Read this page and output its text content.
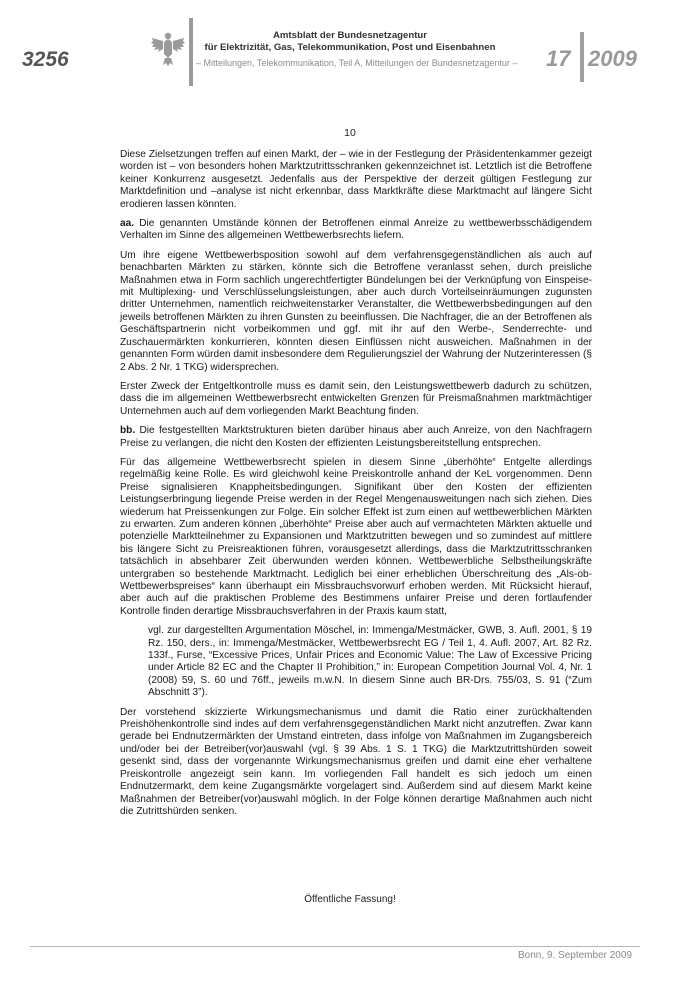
3256
Amtsblatt der Bundesnetzagentur
für Elektrizität, Gas, Telekommunikation, Post und Eisenbahnen
– Mitteilungen, Telekommunikation, Teil A, Mitteilungen der Bundesnetzagentur –	17 2009
10

Diese Zielsetzungen treffen auf einen Markt, der – wie in der Festlegung der Präsidentenkammer gezeigt worden ist – von besonders hohen Marktzutrittsschranken gekennzeichnet ist. Letztlich ist die Betroffene keiner Konkurrenz ausgesetzt. Jedenfalls aus der Perspektive der derzeit gültigen Festlegung zur Marktdefinition und –analyse ist nicht erkennbar, dass Marktkräfte diese Marktmacht auf längere Sicht erodieren lassen könnten.

aa. Die genannten Umstände können der Betroffenen einmal Anreize zu wettbewerbsschädigendem Verhalten im Sinne des allgemeinen Wettbewerbsrechts liefern.

Um ihre eigene Wettbewerbsposition sowohl auf dem verfahrensgegenständlichen als auch auf benachbarten Märkten zu stärken, könnte sich die Betroffene veranlasst sehen, durch preisliche Maßnahmen etwa in Form sachlich ungerechtfertigter Bündelungen bei der Verknüpfung von Einspeise- mit Multiplexing- und Verschlüsselungsleistungen, aber auch durch Vorteilseinräumungen zugunsten dritter Unternehmen, namentlich reichweitenstarker Veranstalter, die Wettbewerbsbedingungen auf den jeweils betroffenen Märkten zu ihren Gunsten zu beeinflussen. Die Nachfrager, die an der Betroffenen als Geschäftspartnerin nicht vorbeikommen und ggf. mit ihr auf den Werbe-, Senderrechte- und Zuschauermärkten konkurrieren, könnten diesen Einflüssen nicht ausweichen. Maßnahmen in der genannten Form würden damit insbesondere dem Regulierungsziel der Wahrung der Nutzerinteressen (§ 2 Abs. 2 Nr. 1 TKG) widersprechen.

Erster Zweck der Entgeltkontrolle muss es damit sein, den Leistungswettbewerb dadurch zu schützen, dass die im allgemeinen Wettbewerbsrecht entwickelten Grenzen für Preismaßnahmen marktmächtiger Unternehmen auch auf dem vorliegenden Markt Beachtung finden.

bb. Die festgestellten Marktstrukturen bieten darüber hinaus aber auch Anreize, von den Nachfragern Preise zu verlangen, die nicht den Kosten der effizienten Leistungsbereitstellung entsprechen.

Für das allgemeine Wettbewerbsrecht spielen in diesem Sinne „überhöhte“ Entgelte allerdings regelmäßig keine Rolle. Es wird gleichwohl keine Preiskontrolle anhand der KeL vorgenommen. Denn Preise signalisieren Knappheitsbedingungen. Signifikant über den Kosten der effizienten Leistungserbringung liegende Preise werden in der Regel Mengenausweitungen nach sich ziehen. Dies wiederum hat Preissenkungen zur Folge. Ein solcher Effekt ist zum einen auf wettbewerblichen Märkten zu erwarten. Zum anderen können „überhöhte“ Preise aber auch auf vermachteten Märkten aktuelle und potenzielle Marktteilnehmer zu Expansionen und Marktzutritten bewegen und so zumindest auf mittlere bis längere Sicht zu Preisreaktionen führen, vorausgesetzt allerdings, dass die Marktzutrittsschranken tatsächlich in absehbarer Zeit überwunden werden können. Wettbewerbliche Selbstheilungskräfte untergraben so bestehende Marktmacht. Lediglich bei einer erheblichen Überschreitung des „Als-ob-Wettbewerbspreises“ kann überhaupt ein Missbrauchsvorwurf erhoben werden. Mit Rücksicht hierauf, aber auch auf die praktischen Probleme des Bestimmens unfairer Preise und deren fortlaufender Kontrolle finden derartige Missbrauchsverfahren in der Praxis kaum statt,

vgl. zur dargestellten Argumentation Möschel, in: Immenga/Mestmäcker, GWB, 3. Aufl. 2001, § 19 Rz. 150, ders., in: Immenga/Mestmäcker, Wettbewerbsrecht EG / Teil 1, 4. Aufl. 2007, Art. 82 Rz. 133f., Furse, “Excessive Prices, Unfair Prices and Economic Value: The Law of Excessive Pricing under Article 82 EC and the Chapter II Prohibition,” in: European Competition Journal Vol. 4, Nr. 1 (2008) 59, S. 60 und 76ff., jeweils m.w.N. In diesem Sinne auch BR-Drs. 755/03, S. 91 (“Zum Abschnitt 3”).

Der vorstehend skizzierte Wirkungsmechanismus und damit die Ratio einer zurückhaltenden Preishöhenkontrolle sind indes auf dem verfahrensgegenständlichen Markt nicht anzutreffen. Zwar kann gerade bei Endnutzermärkten der Umstand eintreten, dass infolge von Maßnahmen im Zugangsbereich und/oder bei der Betreiber(vor)auswahl (vgl. § 39 Abs. 1 S. 1 TKG) die Marktzutrittshürden soweit gesenkt sind, dass der vorgenannte Wirkungsmechanismus greifen und damit eine eher verhaltene Preiskontrolle angezeigt sein kann. Im vorliegenden Fall handelt es sich jedoch um einen Endnutzermarkt, dem keine Zugangsmärkte vorgelagert sind. Außerdem sind auf diesem Markt keine Maßnahmen der Betreiber(vor)auswahl möglich. In der Folge können derartige Maßnahmen auch nicht die Zutrittshürden senken.

Öffentliche Fassung!
Bonn, 9. September 2009
